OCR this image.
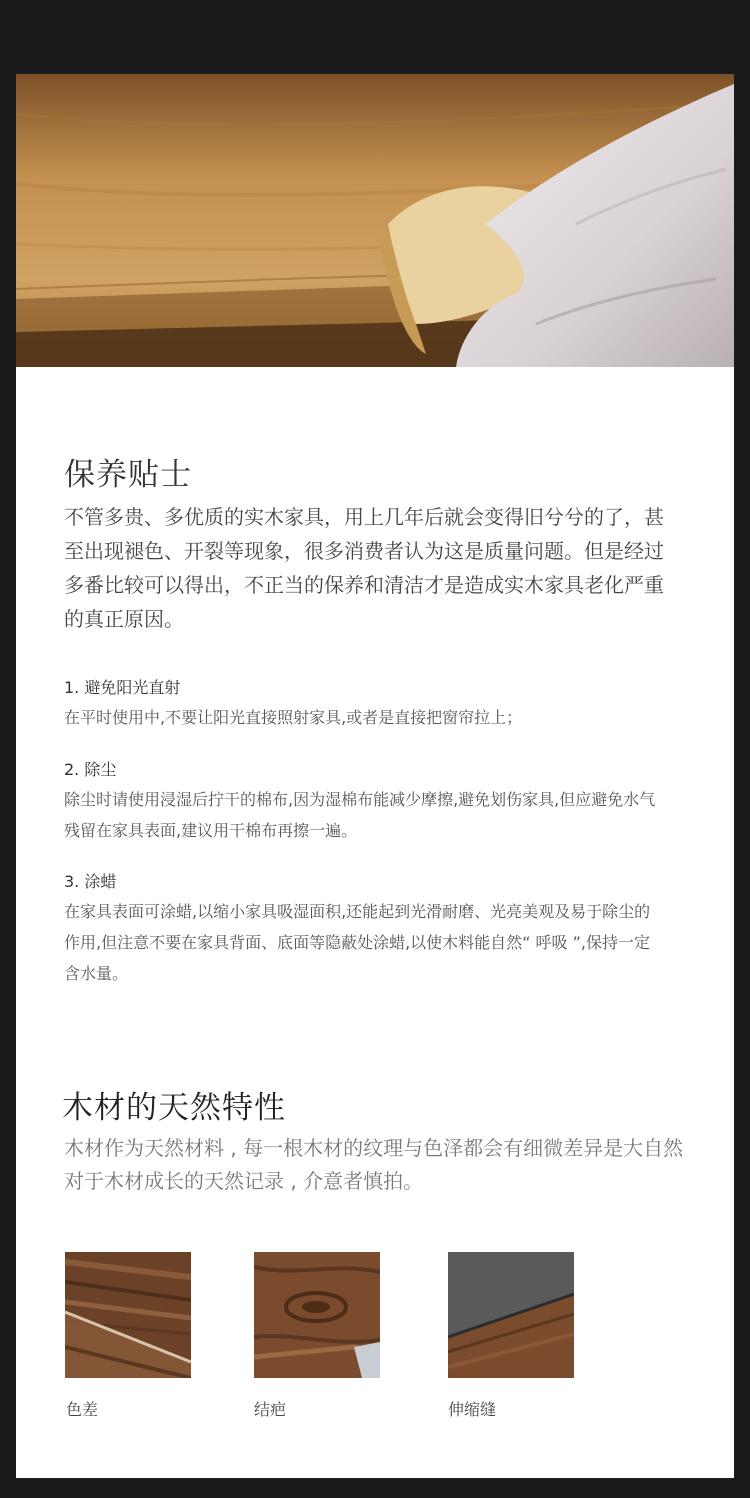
保养贴士

不管多贵、多优质的实木家具，用上几年后就会变得旧兮兮的了，甚至出现褪色、开裂等现象，很多消费者认为这是质量问题。但是经过多番比较可以得出，不正当的保养和清洁才是造成实木家具老化严重的真正原因。

1. 避免阳光直射

在平时使用中,不要让阳光直接照射家具,或者是直接把窗帘拉上；

2. 除尘

除尘时请使用浸湿后拧干的棉布,因为湿棉布能减少摩擦,避免划伤家具,但应避免水气残留在家具表面,建议用干棉布再擦一遍。

3. 涂蜡

在家具表面可涂蜡,以缩小家具吸湿面积,还能起到光滑耐磨、光亮美观及易于除尘的作用,但注意不要在家具背面、底面等隐蔽处涂蜡,以使木料能自然“ 呼吸 ”,保持一定含水量。

木材的天然特性

木材作为天然材料 , 每一根木材的纹理与色泽都会有细微差异是大自然对于木材成长的天然记录 , 介意者慎拍。

色差	结疤	伸缩缝
